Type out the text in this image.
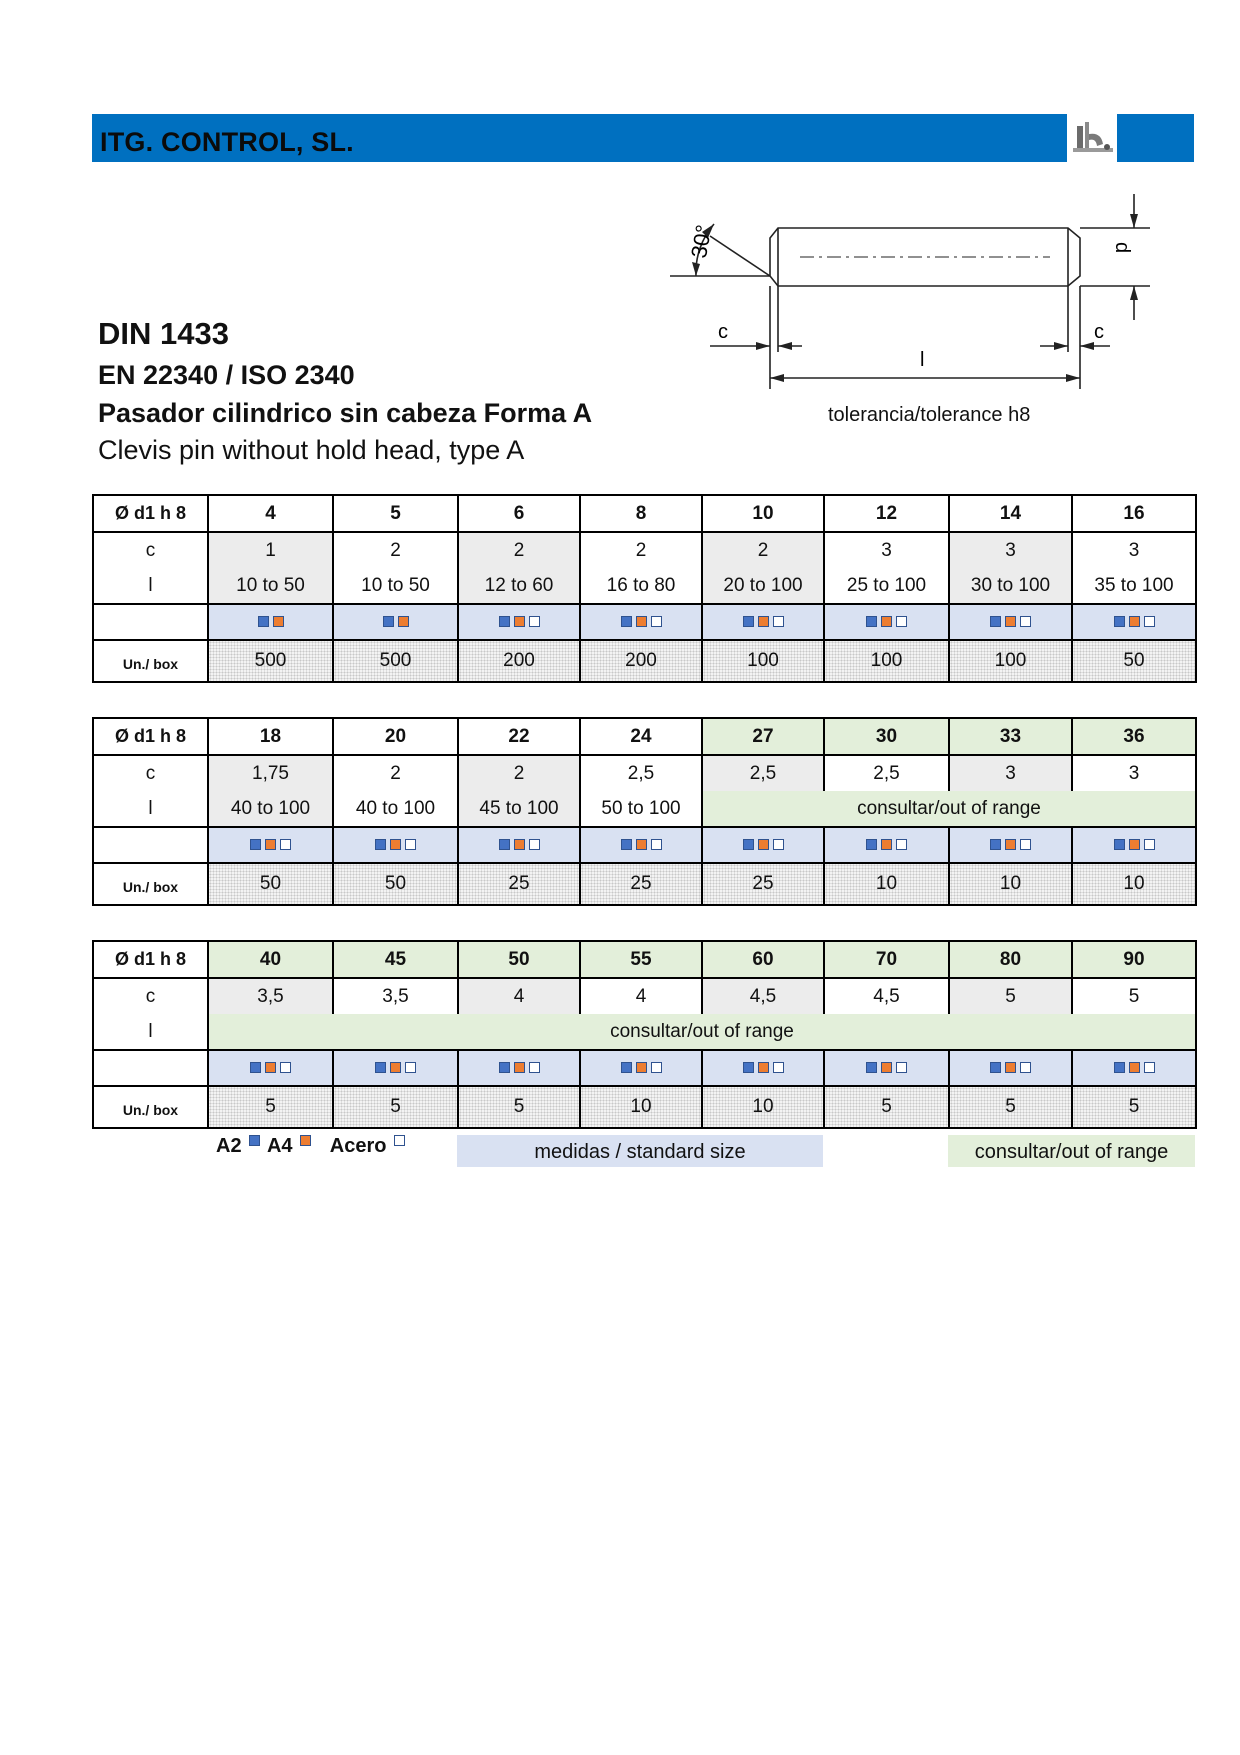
ITG. CONTROL, SL.
DIN 1433
EN 22340 / ISO 2340
Pasador cilindrico sin cabeza Forma A
Clevis pin without hold head, type A
30°
c	c
l
d
tolerancia/tolerance h8
Ø d1 h 8	4	5	6	8	10	12	14	16
c	1	2	2	2	2	3	3	3
l	10 to 50	10 to 50	12 to 60	16 to 80	20 to 100	25 to 100	30 to 100	35 to 100

Un./ box	500	500	200	200	100	100	100	50
Ø d1 h 8	18	20	22	24	27	30	33	36
c	1,75	2	2	2,5	2,5	2,5	3	3
l	40 to 100	40 to 100	45 to 100	50 to 100	consultar/out of range			

Un./ box	50	50	25	25	25	10	10	10
Ø d1 h 8	40	45	50	55	60	70	80	90
c	3,5	3,5	4	4	4,5	4,5	5	5
l	consultar/out of range							

Un./ box	5	5	5	10	10	5	5	5
A2 A4 Acero	medidas / standard size	consultar/out of range
